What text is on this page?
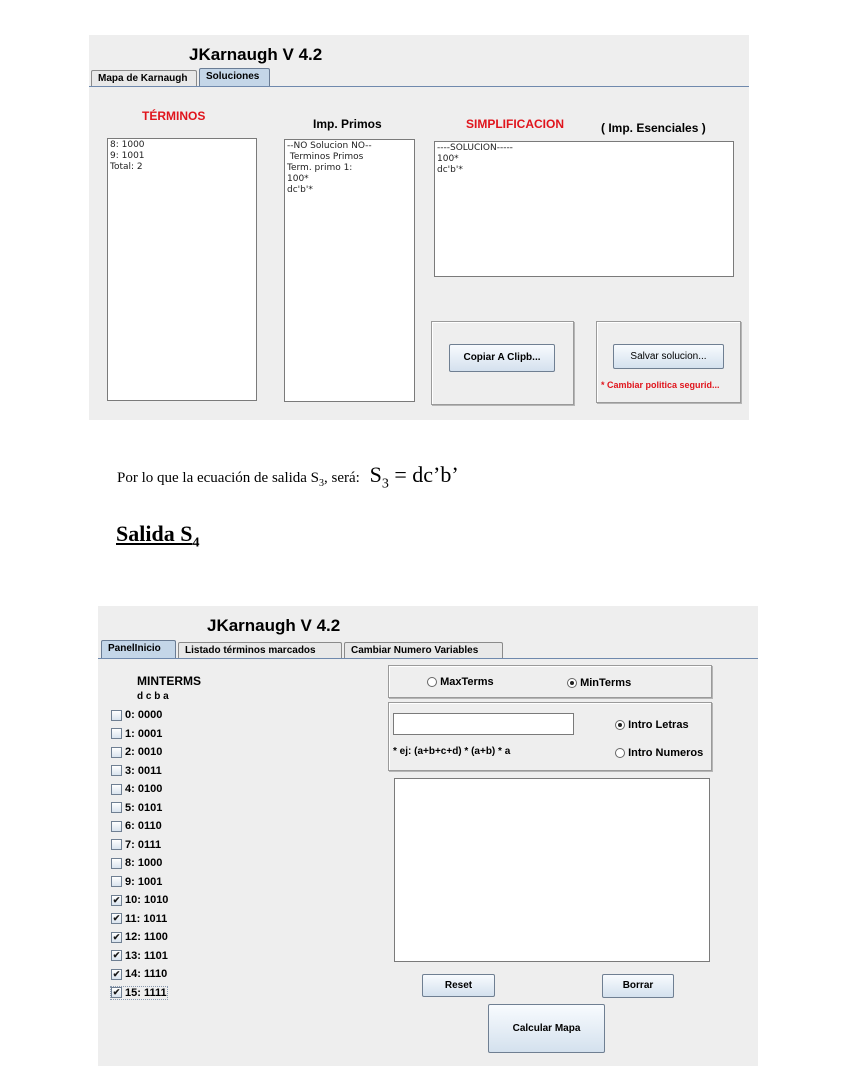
JKarnaugh V 4.2
Mapa de Karnaugh	Soluciones
TÉRMINOS
8: 1000
9: 1001
Total: 2
Imp. Primos
--NO Solucion NO--
Terminos Primos
Term. primo 1:
100*
dc'b'*
SIMPLIFICACION	( Imp. Esenciales )
----SOLUCION-----
100*
dc'b'*
Copiar A Clipb...	Salvar solucion...
* Cambiar politica segurid...
Por lo que la ecuación de salida $S_3$, será: $S_3$ = dc’b’
Salida $S_4$
JKarnaugh V 4.2
PanelInicio	Listado términos marcados	Cambiar Numero Variables
MINTERMS
d c b a
0: 0000
1: 0001
2: 0010
3: 0011
4: 0100
5: 0101
6: 0110
7: 0111
8: 1000
9: 1001
✔ 10: 1010
✔ 11: 1011
✔ 12: 1100
✔ 13: 1101
✔ 14: 1110
✔ 15: 1111
MaxTerms	MinTerms
Intro Letras
* ej: (a+b+c+d) * (a+b) * a	Intro Numeros
Reset	Borrar
Calcular Mapa
